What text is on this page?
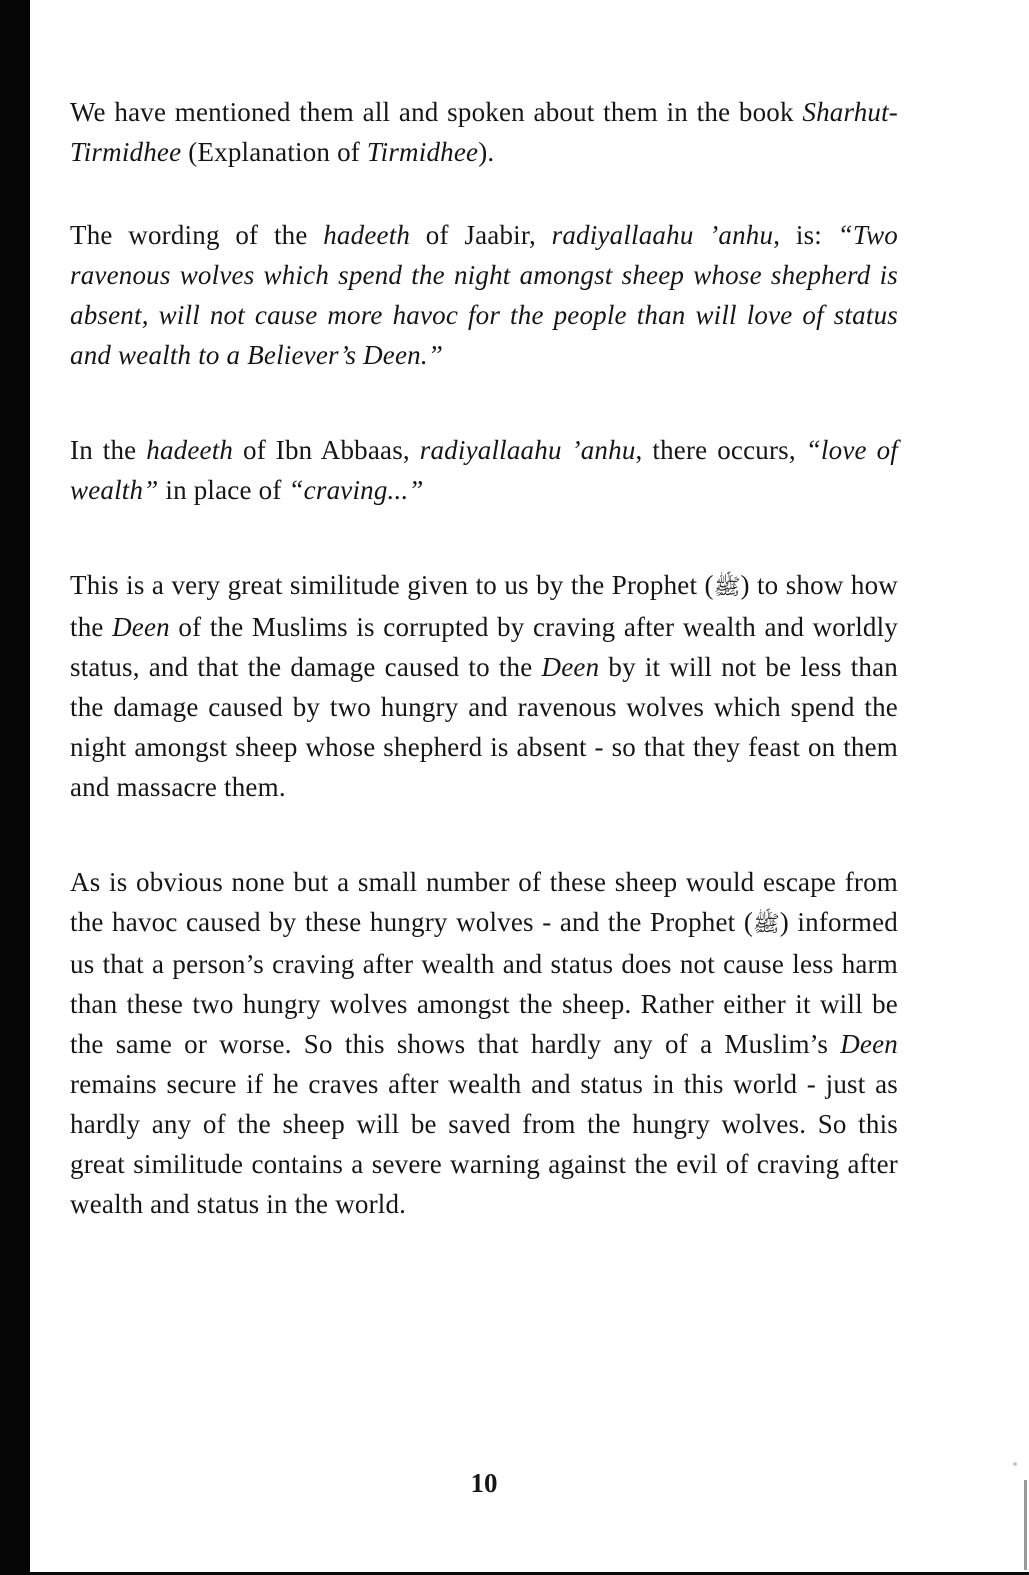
We have mentioned them all and spoken about them in the book Sharhut-Tirmidhee (Explanation of Tirmidhee).

The wording of the hadeeth of Jaabir, radiyallaahu ’anhu, is: “Two ravenous wolves which spend the night amongst sheep whose shepherd is absent, will not cause more havoc for the people than will love of status and wealth to a Believer’s Deen.”

In the hadeeth of Ibn Abbaas, radiyallaahu ’anhu, there occurs, “love of wealth” in place of “craving...”

This is a very great similitude given to us by the Prophet (ﷺ) to show how the Deen of the Muslims is corrupted by craving after wealth and worldly status, and that the damage caused to the Deen by it will not be less than the damage caused by two hungry and ravenous wolves which spend the night amongst sheep whose shepherd is absent - so that they feast on them and massacre them.

As is obvious none but a small number of these sheep would escape from the havoc caused by these hungry wolves - and the Prophet (ﷺ) informed us that a person’s craving after wealth and status does not cause less harm than these two hungry wolves amongst the sheep. Rather either it will be the same or worse. So this shows that hardly any of a Muslim’s Deen remains secure if he craves after wealth and status in this world - just as hardly any of the sheep will be saved from the hungry wolves. So this great similitude contains a severe warning against the evil of craving after wealth and status in the world.

10
